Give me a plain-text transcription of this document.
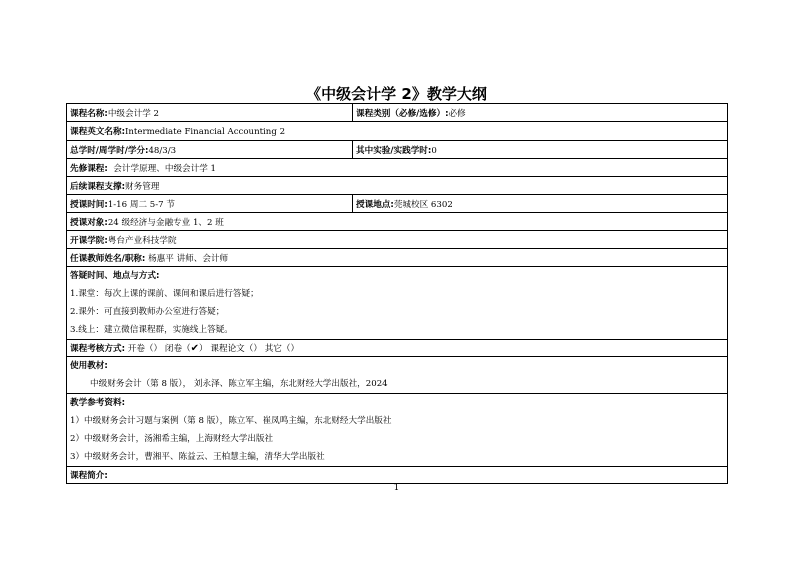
《中级会计学 2》教学大纲
课程名称:中级会计学 2	课程类别（必修/选修）:必修
课程英文名称:Intermediate Financial Accounting 2	
总学时/周学时/学分:48/3/3	其中实验/实践学时:0
先修课程: 会计学原理、中级会计学 1	
后续课程支撑:财务管理	
授课时间:1-16 周二 5-7 节	授课地点:莞城校区 6302
授课对象:24 级经济与金融专业 1、2 班	
开课学院:粤台产业科技学院	
任课教师姓名/职称: 杨惠平 讲师、会计师	

答疑时间、地点与方式:
1.课堂：每次上课的课前、课间和课后进行答疑；
2.课外：可直接到教师办公室进行答疑；
3.线上：建立微信课程群，实施线上答疑。	

课程考核方式: 开卷（） 闭卷（✔） 课程论文（） 其它（）	

使用教材:
中级财务会计（第 8 版）， 刘永泽、陈立军主编，东北财经大学出版社，2024	

教学参考资料:
1）中级财务会计习题与案例（第 8 版），陈立军、崔凤鸣主编，东北财经大学出版社
2）中级财务会计，汤湘希主编，上海财经大学出版社
3）中级财务会计，曹湘平、陈益云、王柏慧主编，清华大学出版社	

课程简介:	
1
